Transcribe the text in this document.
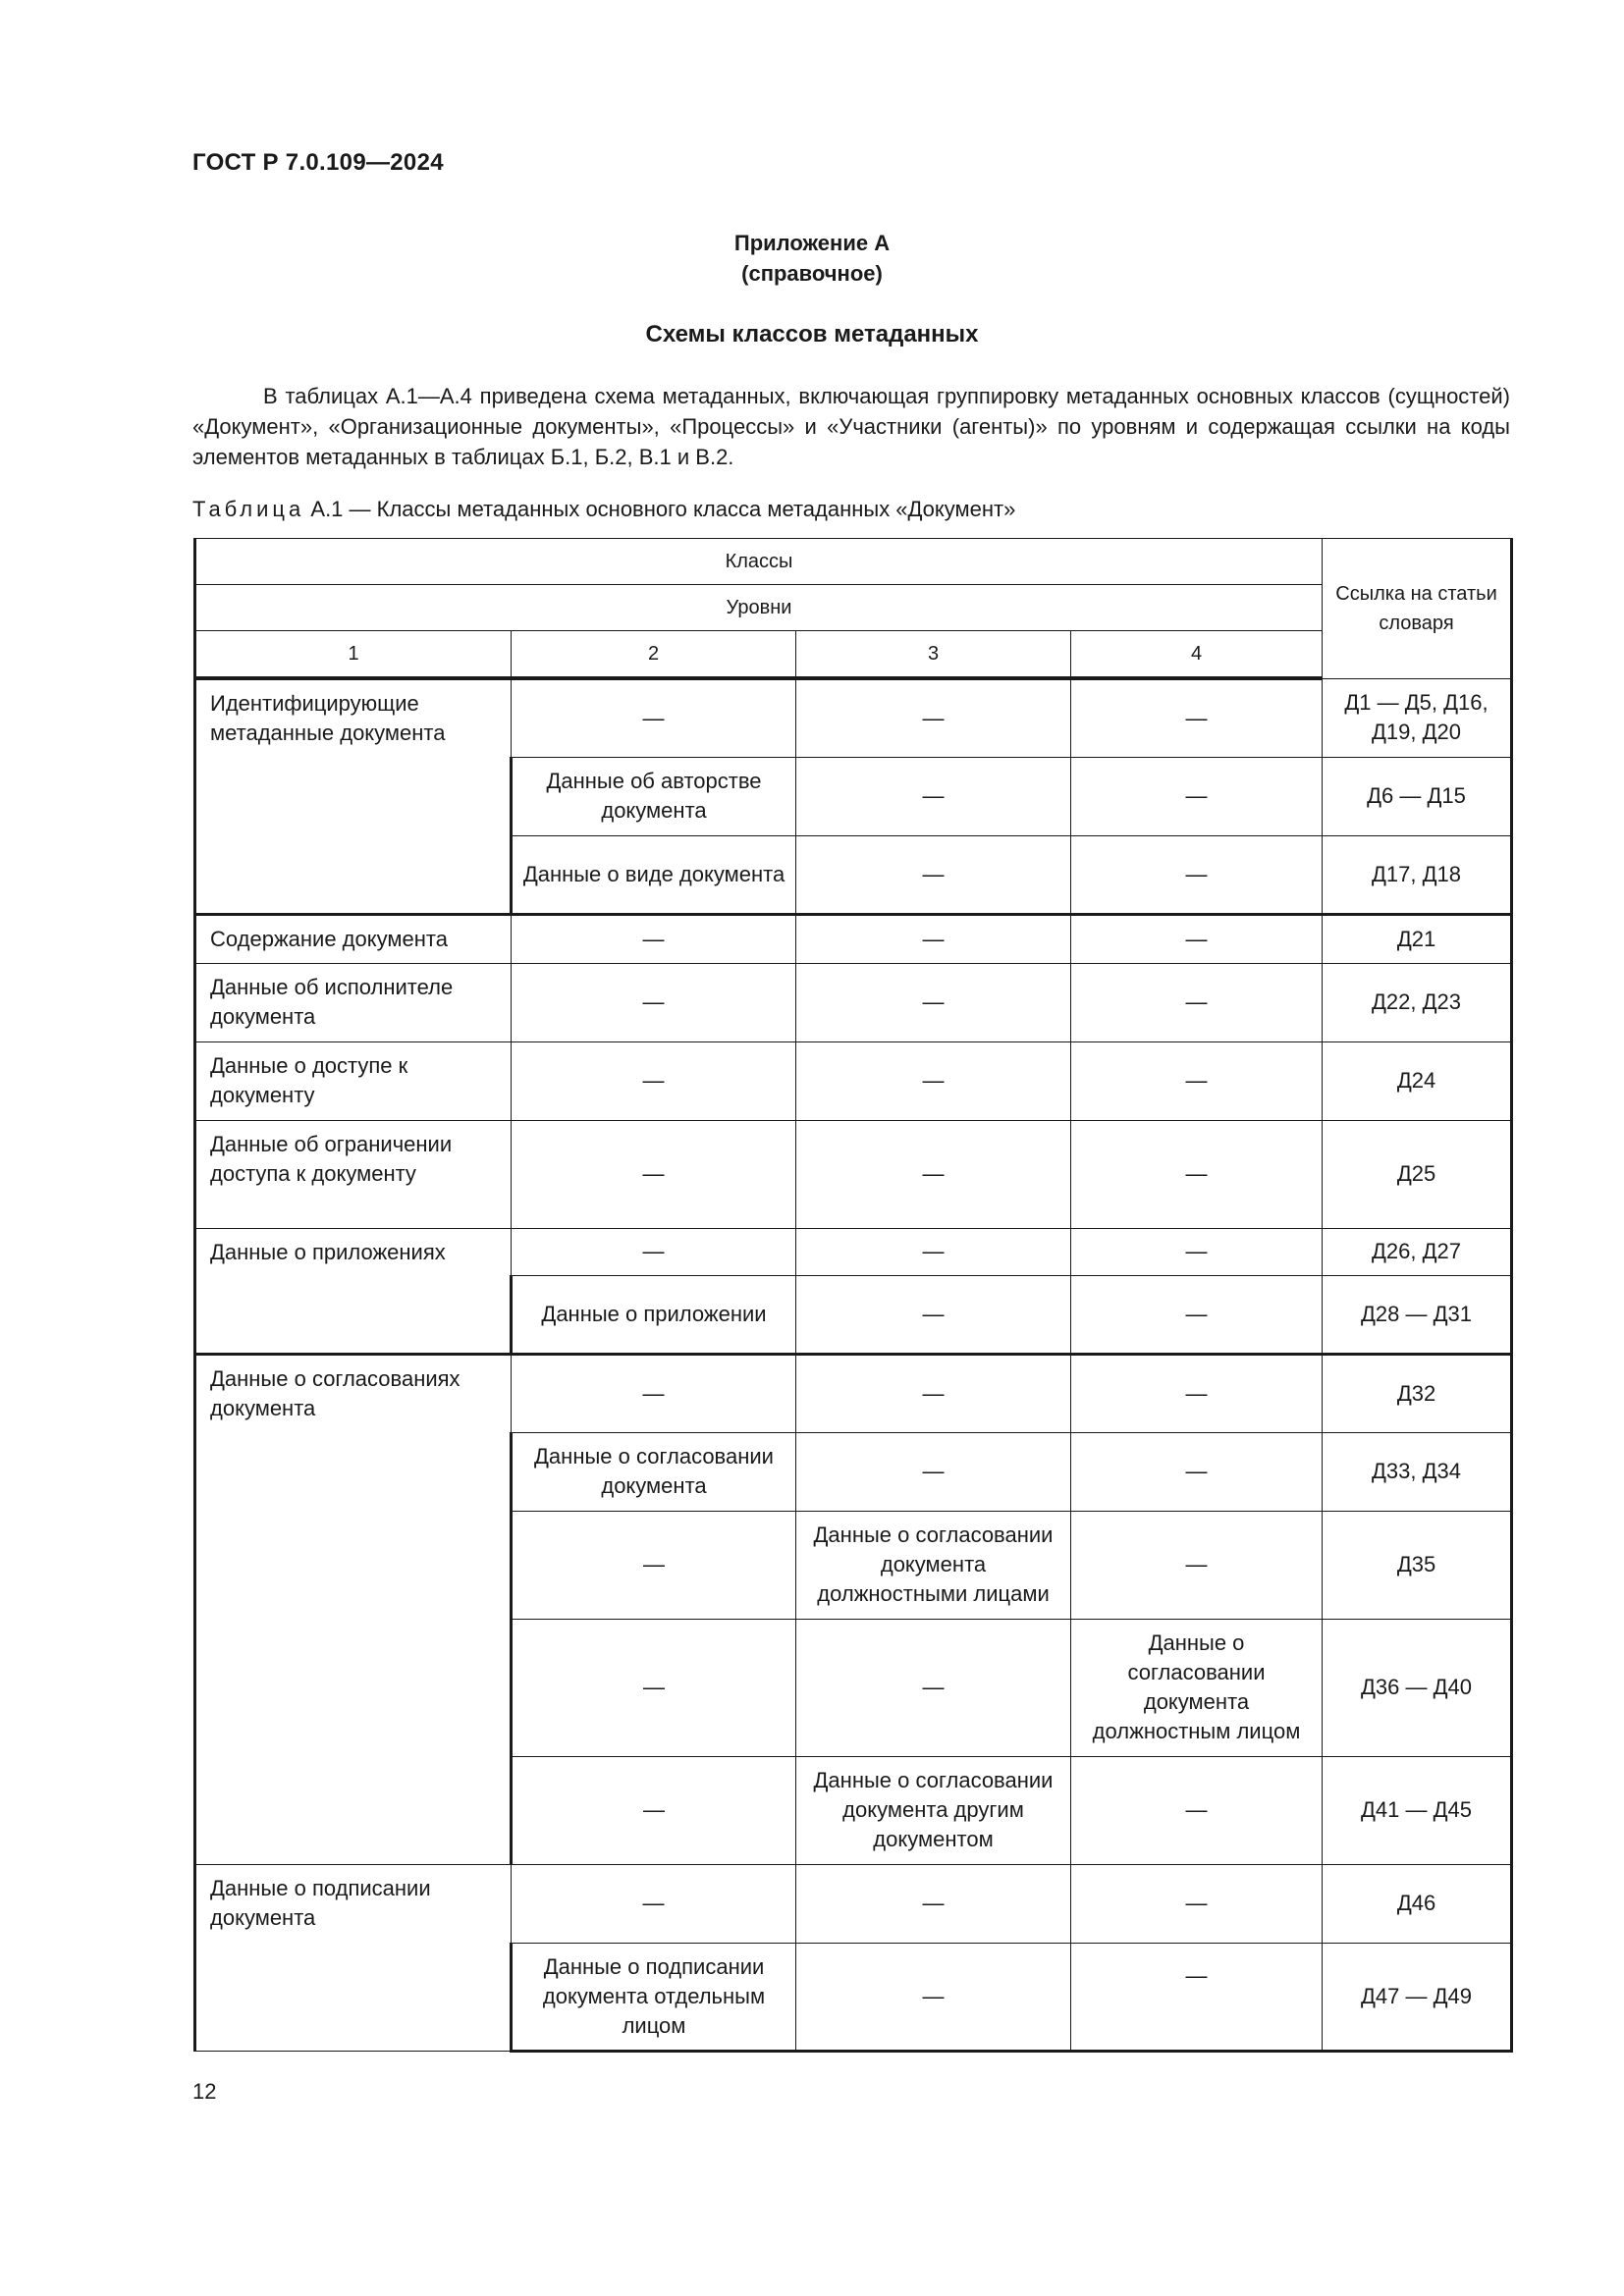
ГОСТ Р 7.0.109—2024
Приложение А
(справочное)
Схемы классов метаданных

В таблицах А.1—А.4 приведена схема метаданных, включающая группировку метаданных основных классов (сущностей) «Документ», «Организационные документы», «Процессы» и «Участники (агенты)» по уровням и содержащая ссылки на коды элементов метаданных в таблицах Б.1, Б.2, В.1 и В.2.

Таблица А.1 — Классы метаданных основного класса метаданных «Документ»
Классы				Ссылка на статьи словаря
Уровни				
1	2	3	4	
Идентифицирующие метаданные документа	—	—	—	Д1 — Д5, Д16, Д19, Д20
	Данные об авторстве документа	—	—	Д6 — Д15
	Данные о виде документа	—	—	Д17, Д18
Содержание документа	—	—	—	Д21
Данные об исполнителе документа	—	—	—	Д22, Д23
Данные о доступе к документу	—	—	—	Д24
Данные об ограничении доступа к документу	—	—	—	Д25
Данные о приложениях	—	—	—	Д26, Д27
	Данные о приложении	—	—	Д28 — Д31
Данные о согласованиях документа	—	—	—	Д32
	Данные о согласовании документа	—	—	Д33, Д34
	—	Данные о согласовании документа должностными лицами	—	Д35
	—	—	Данные о согласовании документа должностным лицом	Д36 — Д40
	—	Данные о согласовании документа другим документом	—	Д41 — Д45
Данные о подписании документа	—	—	—	Д46
	Данные о подписании документа отдельным лицом	—	—	Д47 — Д49
12
